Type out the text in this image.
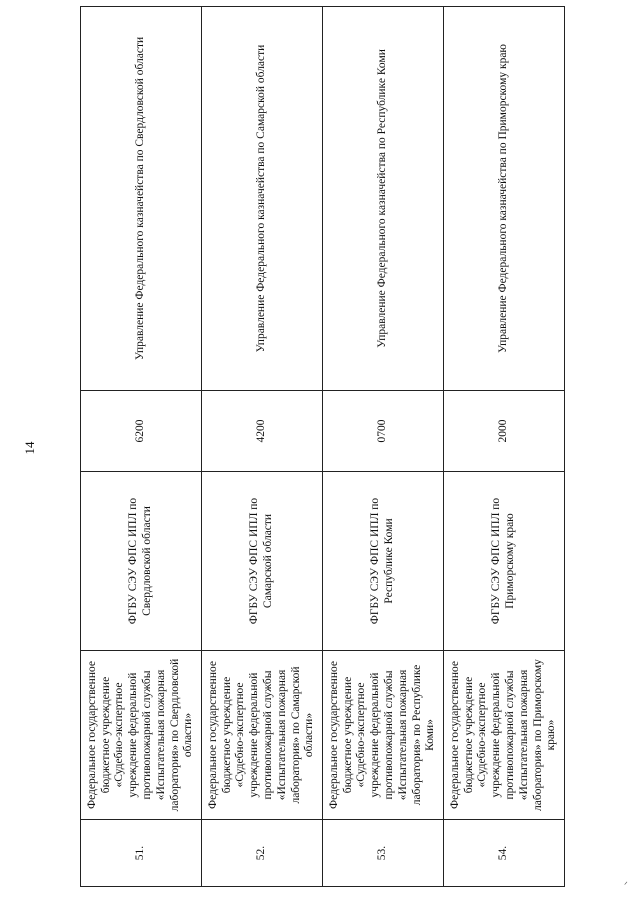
14
51.	Федеральное государственное бюджетное учреждение «Судебно-экспертное учреждение федеральной противопожарной службы «Испытательная пожарная лаборатория» по Свердловской области»	ФГБУ СЭУ ФПС ИПЛ по Свердловской области	6200	Управление Федерального казначейства по Свердловской области
52.	Федеральное государственное бюджетное учреждение «Судебно-экспертное учреждение федеральной противопожарной службы «Испытательная пожарная лаборатория» по Самарской области»	ФГБУ СЭУ ФПС ИПЛ по Самарской области	4200	Управление Федерального казначейства по Самарской области
53.	Федеральное государственное бюджетное учреждение «Судебно-экспертное учреждение федеральной противопожарной службы «Испытательная пожарная лаборатория» по Республике Коми»	ФГБУ СЭУ ФПС ИПЛ по Республике Коми	0700	Управление Федерального казначейства по Республике Коми
54.	Федеральное государственное бюджетное учреждение «Судебно-экспертное учреждение федеральной противопожарной службы «Испытательная пожарная лаборатория» по Приморскому краю»	ФГБУ СЭУ ФПС ИПЛ по Приморскому краю	2000	Управление Федерального казначейства по Приморскому краю
ᐟ
